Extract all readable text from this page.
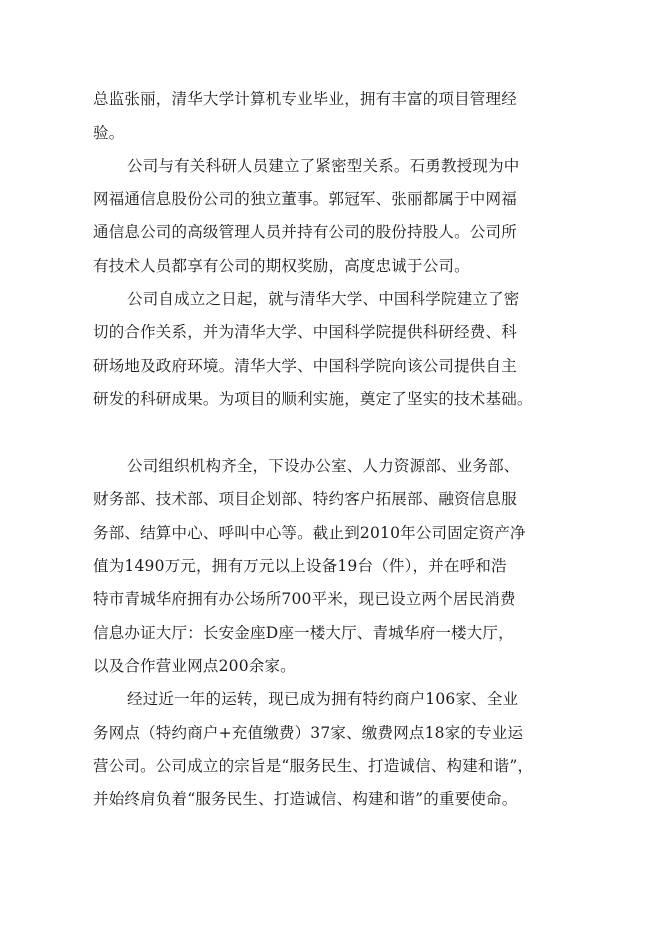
总监张丽，清华大学计算机专业毕业，拥有丰富的项目管理经
验。
公司与有关科研人员建立了紧密型关系。石勇教授现为中
网福通信息股份公司的独立董事。郭冠军、张丽都属于中网福
通信息公司的高级管理人员并持有公司的股份持股人。公司所
有技术人员都享有公司的期权奖励，高度忠诚于公司。
公司自成立之日起，就与清华大学、中国科学院建立了密
切的合作关系，并为清华大学、中国科学院提供科研经费、科
研场地及政府环境。清华大学、中国科学院向该公司提供自主
研发的科研成果。为项目的顺利实施，奠定了坚实的技术基础。
公司组织机构齐全，下设办公室、人力资源部、业务部、
财务部、技术部、项目企划部、特约客户拓展部、融资信息服
务部、结算中心、呼叫中心等。截止到2010年公司固定资产净
值为1490万元，拥有万元以上设备19台（件），并在呼和浩
特市青城华府拥有办公场所700平米，现已设立两个居民消费
信息办证大厅：长安金座D座一楼大厅、青城华府一楼大厅，
以及合作营业网点200余家。
经过近一年的运转，现已成为拥有特约商户106家、全业
务网点（特约商户+充值缴费）37家、缴费网点18家的专业运
营公司。公司成立的宗旨是“服务民生、打造诚信、构建和谐”，
并始终肩负着“服务民生、打造诚信、构建和谐”的重要使命。
